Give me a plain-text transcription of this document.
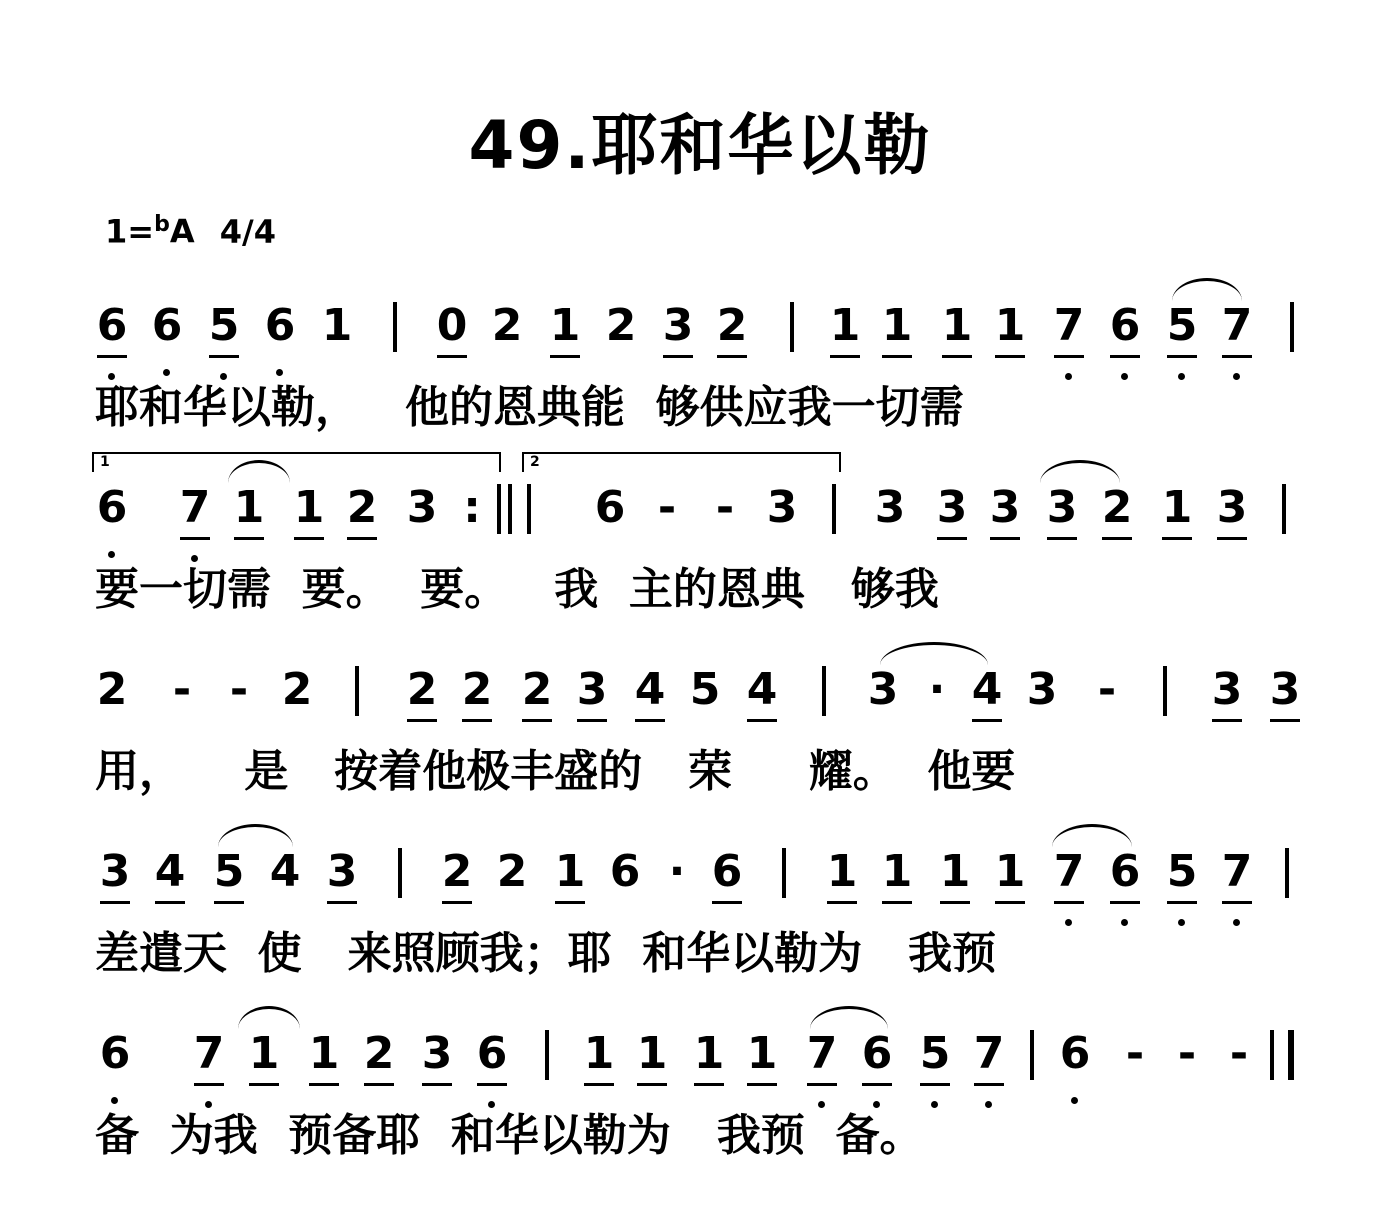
49.耶和华以勒
1=$^b$A 4/4
6 6 5 6 1 0 2 1 2 3 2 1 1 1 1 7 6 5 7
耶和华以勒，   他的恩典能  够供应我一切需
1	2
6 7 1 1 2 3 :	6 - - 3 3 3 3 3 2 1 3
要一切需  要。  要。   我  主的恩典   够我
2 - - 2 2 2 2 3 4 5 4 3 · 4 3 - 3 3
用，    是   按着他极丰盛的   荣     耀。  他要
3 4 5 4 3 2 2 1 6 · 6 1 1 1 1 7 6 5 7
差遣天  使   来照顾我；耶  和华以勒为   我预
6 7 1 1 2 3 6 1 1 1 1 7 6 5 7 6 - - -
备  为我  预备耶  和华以勒为   我预  备。
